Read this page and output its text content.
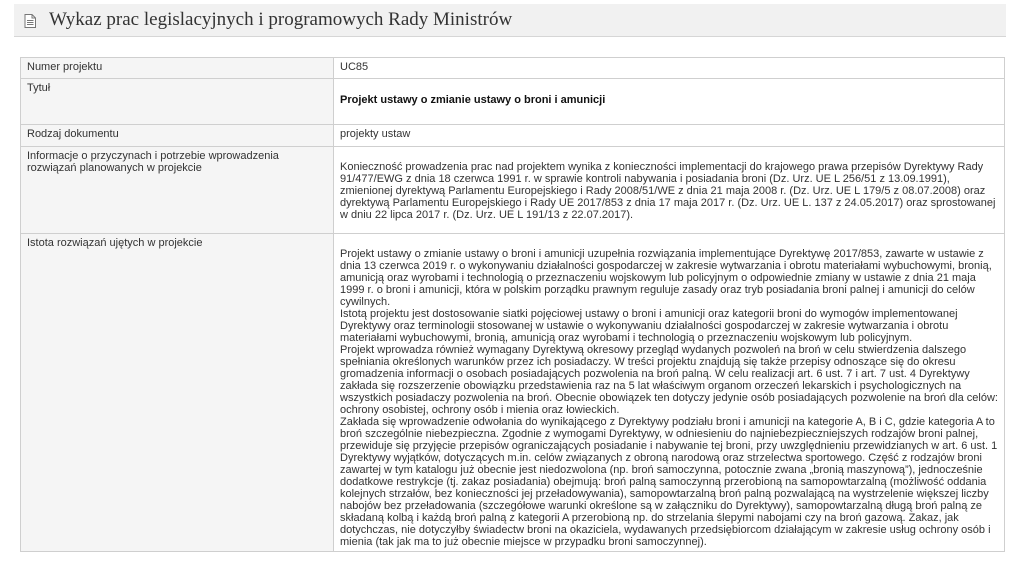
Wykaz prac legislacyjnych i programowych Rady Ministrów
Numer projektu	UC85
Tytuł	Projekt ustawy o zmianie ustawy o broni i amunicji

Rodzaj dokumentu	projekty ustaw
Informacje o przyczynach i potrzebie wprowadzenia rozwiązań planowanych w projekcie	Konieczność prowadzenia prac nad projektem wynika z konieczności implementacji do krajowego prawa przepisów Dyrektywy Rady 91/477/EWG z dnia 18 czerwca 1991 r. w sprawie kontroli nabywania i posiadania broni (Dz. Urz. UE L 256/51 z 13.09.1991), zmienionej dyrektywą Parlamentu Europejskiego i Rady 2008/51/WE z dnia 21 maja 2008 r. (Dz. Urz. UE L 179/5 z 08.07.2008) oraz dyrektywą Parlamentu Europejskiego i Rady UE 2017/853 z dnia 17 maja 2017 r. (Dz. Urz. UE L. 137 z 24.05.2017) oraz sprostowanej w dniu 22 lipca 2017 r. (Dz. Urz. UE L 191/13 z 22.07.2017).

Istota rozwiązań ujętych w projekcie	Projekt ustawy o zmianie ustawy o broni i amunicji uzupełnia rozwiązania implementujące Dyrektywę 2017/853, zawarte w ustawie z dnia 13 czerwca 2019 r. o wykonywaniu działalności gospodarczej w zakresie wytwarzania i obrotu materiałami wybuchowymi, bronią, amunicją oraz wyrobami i technologią o przeznaczeniu wojskowym lub policyjnym o odpowiednie zmiany w ustawie z dnia 21 maja 1999 r. o broni i amunicji, która w polskim porządku prawnym reguluje zasady oraz tryb posiadania broni palnej i amunicji do celów cywilnych.
Istotą projektu jest dostosowanie siatki pojęciowej ustawy o broni i amunicji oraz kategorii broni do wymogów implementowanej Dyrektywy oraz terminologii stosowanej w ustawie o wykonywaniu działalności gospodarczej w zakresie wytwarzania i obrotu materiałami wybuchowymi, bronią, amunicją oraz wyrobami i technologią o przeznaczeniu wojskowym lub policyjnym.
Projekt wprowadza również wymagany Dyrektywą okresowy przegląd wydanych pozwoleń na broń w celu stwierdzenia dalszego spełniania określonych warunków przez ich posiadaczy. W treści projektu znajdują się także przepisy odnoszące się do okresu gromadzenia informacji o osobach posiadających pozwolenia na broń palną. W celu realizacji art. 6 ust. 7 i art. 7 ust. 4 Dyrektywy zakłada się rozszerzenie obowiązku przedstawienia raz na 5 lat właściwym organom orzeczeń lekarskich i psychologicznych na wszystkich posiadaczy pozwolenia na broń. Obecnie obowiązek ten dotyczy jedynie osób posiadających pozwolenie na broń dla celów: ochrony osobistej, ochrony osób i mienia oraz łowieckich.
Zakłada się wprowadzenie odwołania do wynikającego z Dyrektywy podziału broni i amunicji na kategorie A, B i C, gdzie kategoria A to broń szczególnie niebezpieczna. Zgodnie z wymogami Dyrektywy, w odniesieniu do najniebezpieczniejszych rodzajów broni palnej, przewiduje się przyjęcie przepisów ograniczających posiadanie i nabywanie tej broni, przy uwzględnieniu przewidzianych w art. 6 ust. 1 Dyrektywy wyjątków, dotyczących m.in. celów związanych z obroną narodową oraz strzelectwa sportowego. Część z rodzajów broni zawartej w tym katalogu już obecnie jest niedozwolona (np. broń samoczynna, potocznie zwana „bronią maszynową”), jednocześnie dodatkowe restrykcje (tj. zakaz posiadania) obejmują: broń palną samoczynną przerobioną na samopowtarzalną (możliwość oddania kolejnych strzałów, bez konieczności jej przeładowywania), samopowtarzalną broń palną pozwalającą na wystrzelenie większej liczby nabojów bez przeładowania (szczegółowe warunki określone są w załączniku do Dyrektywy), samopowtarzalną długą broń palną ze składaną kolbą i każdą broń palną z kategorii A przerobioną np. do strzelania ślepymi nabojami czy na broń gazową. Zakaz, jak dotychczas, nie dotyczyłby świadectw broni na okaziciela, wydawanych przedsiębiorcom działającym w zakresie usług ochrony osób i mienia (tak jak ma to już obecnie miejsce w przypadku broni samoczynnej).
